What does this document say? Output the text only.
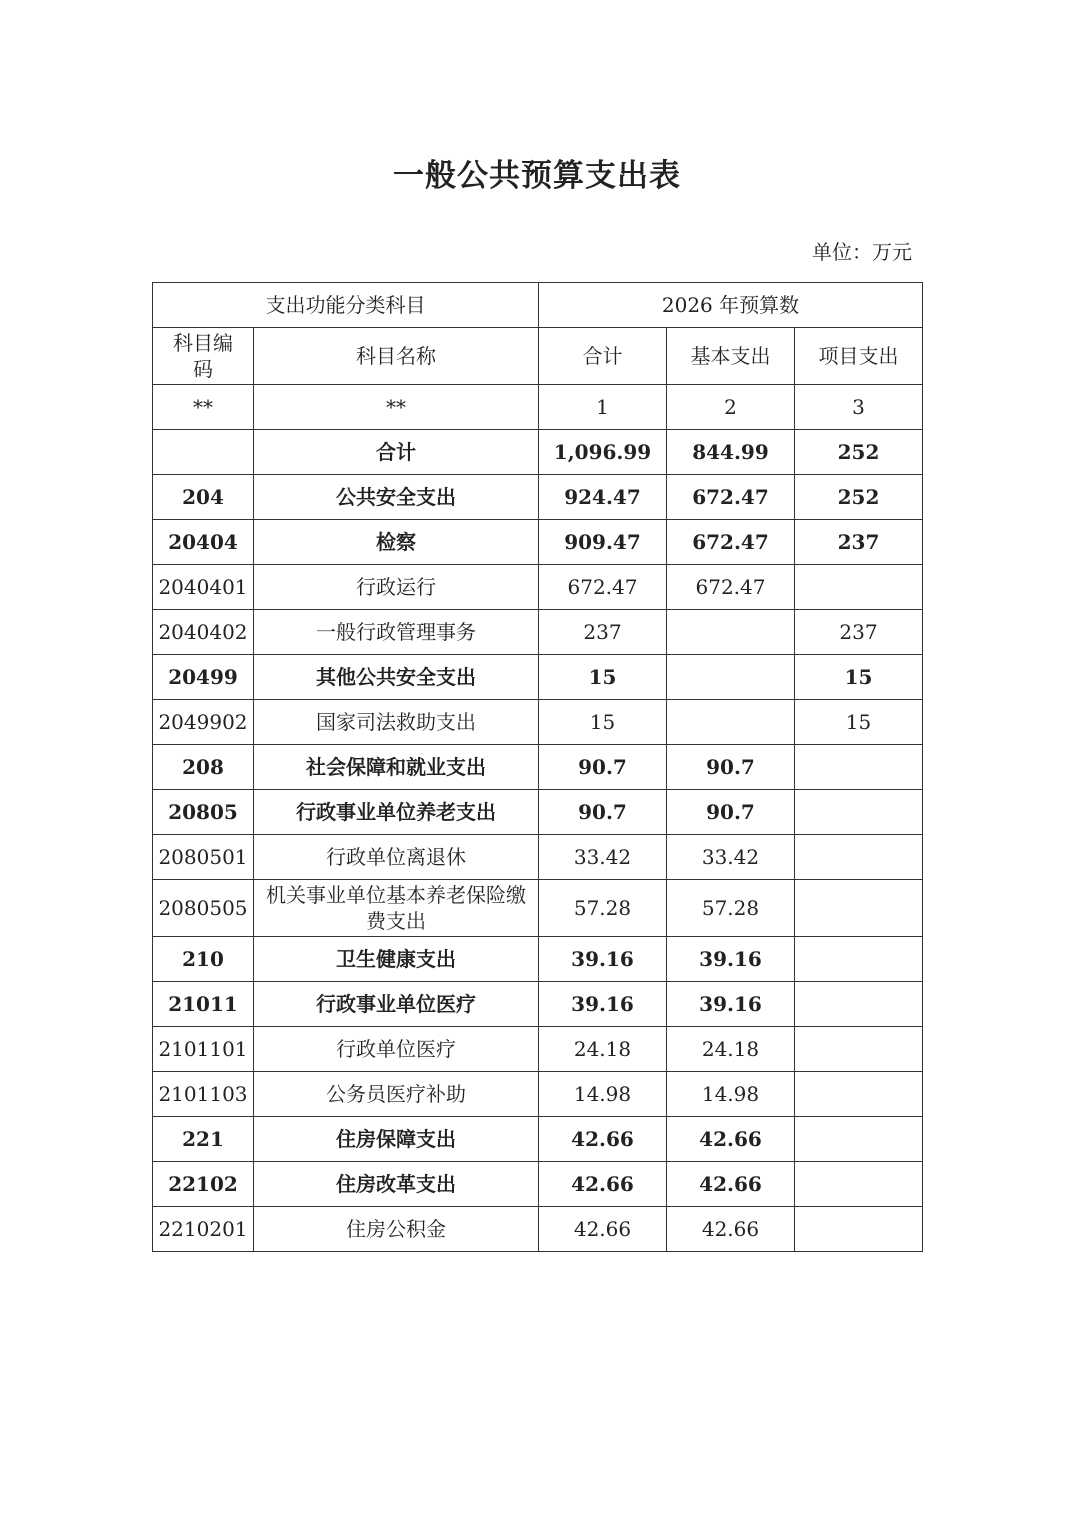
一般公共预算支出表
单位：万元
支出功能分类科目		2026 年预算数		
科目编码	科目名称	合计	基本支出	项目支出
**	**	1	2	3
	合计	1,096.99	844.99	252
204	公共安全支出	924.47	672.47	252
20404	检察	909.47	672.47	237
2040401	行政运行	672.47	672.47	
2040402	一般行政管理事务	237		237
20499	其他公共安全支出	15		15
2049902	国家司法救助支出	15		15
208	社会保障和就业支出	90.7	90.7	
20805	行政事业单位养老支出	90.7	90.7	
2080501	行政单位离退休	33.42	33.42	
2080505	机关事业单位基本养老保险缴费支出	57.28	57.28	
210	卫生健康支出	39.16	39.16	
21011	行政事业单位医疗	39.16	39.16	
2101101	行政单位医疗	24.18	24.18	
2101103	公务员医疗补助	14.98	14.98	
221	住房保障支出	42.66	42.66	
22102	住房改革支出	42.66	42.66	
2210201	住房公积金	42.66	42.66	
